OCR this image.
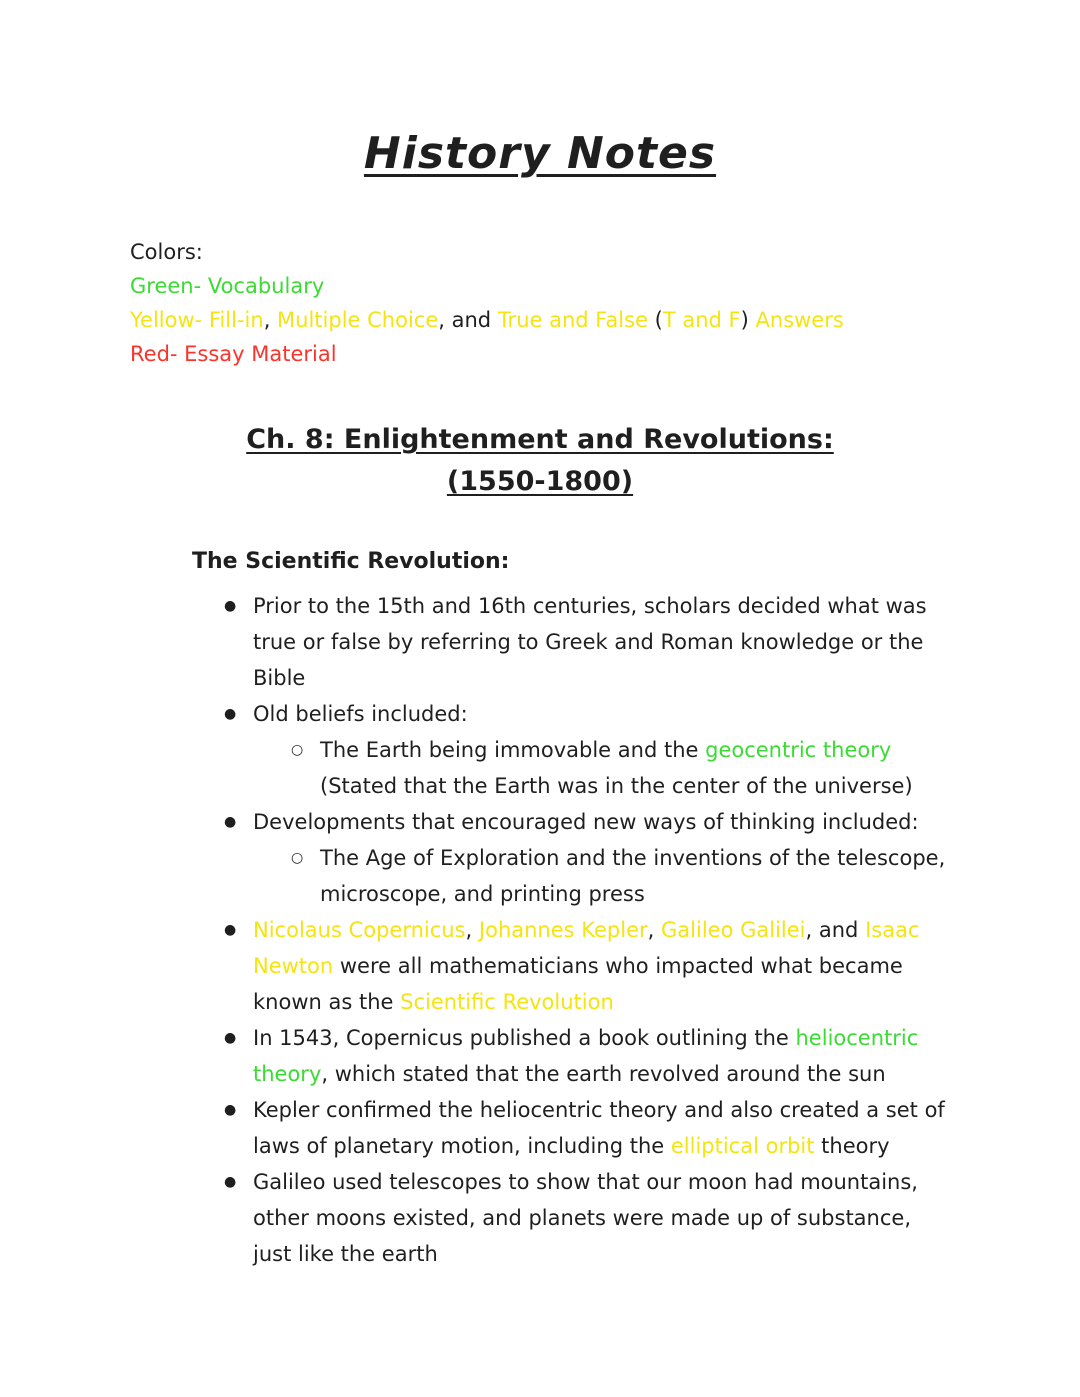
History Notes
Colors:
Green- Vocabulary
Yellow- Fill-in, Multiple Choice, and True and False (T and F) Answers
Red- Essay Material
Ch. 8: Enlightenment and Revolutions:
(1550-1800)
The Scientific Revolution:
● Prior to the 15th and 16th centuries, scholars decided what was true or false by referring to Greek and Roman knowledge or the Bible
● Old beliefs included:
○ The Earth being immovable and the geocentric theory (Stated that the Earth was in the center of the universe)
● Developments that encouraged new ways of thinking included:
○ The Age of Exploration and the inventions of the telescope, microscope, and printing press
● Nicolaus Copernicus, Johannes Kepler, Galileo Galilei, and Isaac Newton were all mathematicians who impacted what became known as the Scientific Revolution
● In 1543, Copernicus published a book outlining the heliocentric theory, which stated that the earth revolved around the sun
● Kepler confirmed the heliocentric theory and also created a set of laws of planetary motion, including the elliptical orbit theory
● Galileo used telescopes to show that our moon had mountains, other moons existed, and planets were made up of substance, just like the earth
